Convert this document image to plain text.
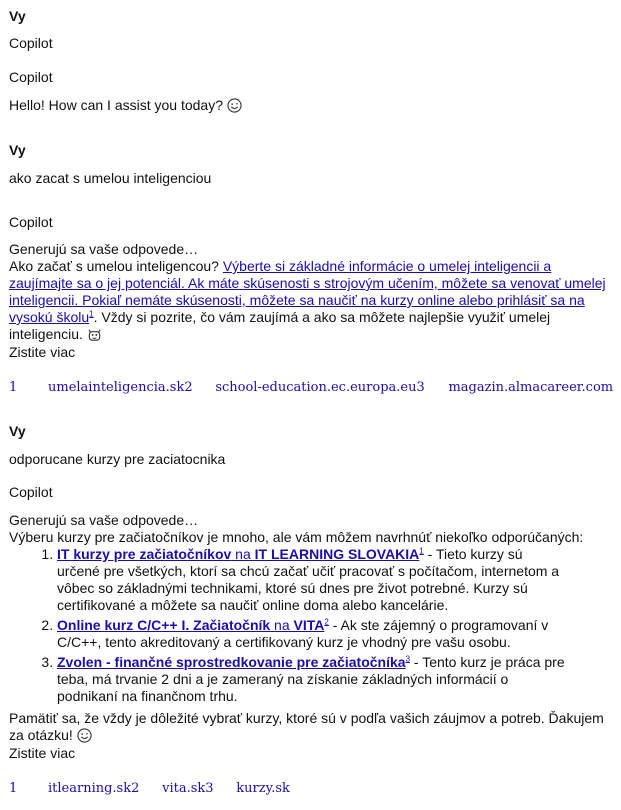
Vy
Copilot
Copilot
Hello! How can I assist you today?
Vy
ako zacat s umelou inteligenciou
Copilot
Generujú sa vaše odpovede…
Ako začať s umelou inteligencou? Výberte si základné informácie o umelej inteligencii a zaujímajte sa o jej potenciál. Ak máte skúsenosti s strojovým učením, môžete sa venovať umelej inteligencii. Pokiaľ nemáte skúsenosti, môžete sa naučiť na kurzy online alebo prihlásiť sa na vysokú školu$^1$. Vždy si pozrite, čo vám zaujímá a ako sa môžete najlepšie využiť umelej inteligenciu.
Zistite viac
1 umelainteligencia.sk2 school-education.ec.europa.eu3 magazin.almacareer.com
Vy
odporucane kurzy pre zaciatocnika
Copilot
Generujú sa vaše odpovede…
Výberu kurzy pre začiatočníkov je mnoho, ale vám môžem navrhnúť niekoľko odporúčaných:
1. IT kurzy pre začiatočníkov na IT LEARNING SLOVAKIA$^1$ - Tieto kurzy sú určené pre všetkých, ktorí sa chcú začať učiť pracovať s počítačom, internetom a vôbec so základnými technikami, ktoré sú dnes pre život potrebné. Kurzy sú certifikované a môžete sa naučiť online doma alebo kancelárie.
2. Online kurz C/C++ I. Začiatočník na VITA$^2$ - Ak ste zájemný o programovaní v C/C++, tento akreditovaný a certifikovaný kurz je vhodný pre vašu osobu.
3. Zvolen - finančné sprostredkovanie pre začiatočníka$^3$ - Tento kurz je práca pre teba, má trvanie 2 dni a je zameraný na získanie základných informácií o podnikaní na finančnom trhu.
Pamätiť sa, že vždy je dôležité vybrať kurzy, ktoré sú v podľa vašich záujmov a potreb. Ďakujem za otázku!
Zistite viac
1 itlearning.sk2 vita.sk3 kurzy.sk
